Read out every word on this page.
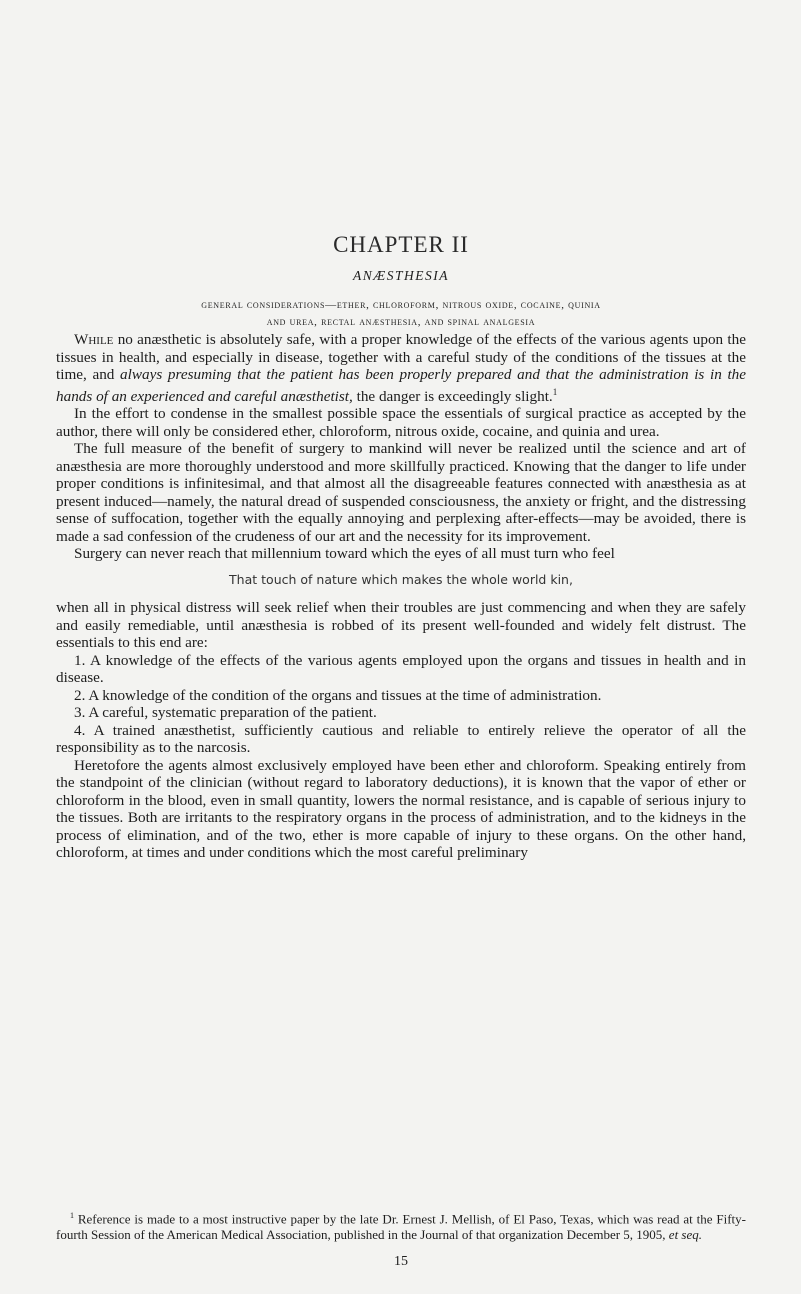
CHAPTER II
ANÆSTHESIA
general considerations—ether, chloroform, nitrous oxide, cocaine, quinia
and urea, rectal anæsthesia, and spinal analgesia

While no anæsthetic is absolutely safe, with a proper knowledge of the effects of the various agents upon the tissues in health, and especially in disease, together with a careful study of the conditions of the tissues at the time, and always presuming that the patient has been properly prepared and that the administration is in the hands of an experienced and careful anæsthetist, the danger is exceedingly slight.$^1$

In the effort to condense in the smallest possible space the essentials of surgical practice as accepted by the author, there will only be considered ether, chloroform, nitrous oxide, cocaine, and quinia and urea.

The full measure of the benefit of surgery to mankind will never be realized until the science and art of anæsthesia are more thoroughly understood and more skillfully practiced. Knowing that the danger to life under proper conditions is infinitesimal, and that almost all the disagreeable features connected with anæsthesia as at present induced—namely, the natural dread of suspended consciousness, the anxiety or fright, and the distressing sense of suffocation, together with the equally annoying and perplexing after-effects—may be avoided, there is made a sad confession of the crudeness of our art and the necessity for its improvement.

Surgery can never reach that millennium toward which the eyes of all must turn who feel

That touch of nature which makes the whole world kin,

when all in physical distress will seek relief when their troubles are just commencing and when they are safely and easily remediable, until anæsthesia is robbed of its present well-founded and widely felt distrust. The essentials to this end are:

1. A knowledge of the effects of the various agents employed upon the organs and tissues in health and in disease.

2. A knowledge of the condition of the organs and tissues at the time of administration.

3. A careful, systematic preparation of the patient.

4. A trained anæsthetist, sufficiently cautious and reliable to entirely relieve the operator of all the responsibility as to the narcosis.

Heretofore the agents almost exclusively employed have been ether and chloroform. Speaking entirely from the standpoint of the clinician (without regard to laboratory deductions), it is known that the vapor of ether or chloroform in the blood, even in small quantity, lowers the normal resistance, and is capable of serious injury to the tissues. Both are irritants to the respiratory organs in the process of administration, and to the kidneys in the process of elimination, and of the two, ether is more capable of injury to these organs. On the other hand, chloroform, at times and under conditions which the most careful preliminary

$^1$ Reference is made to a most instructive paper by the late Dr. Ernest J. Mellish, of El Paso, Texas, which was read at the Fifty-fourth Session of the American Medical Association, published in the Journal of that organization December 5, 1905, et seq.
15
